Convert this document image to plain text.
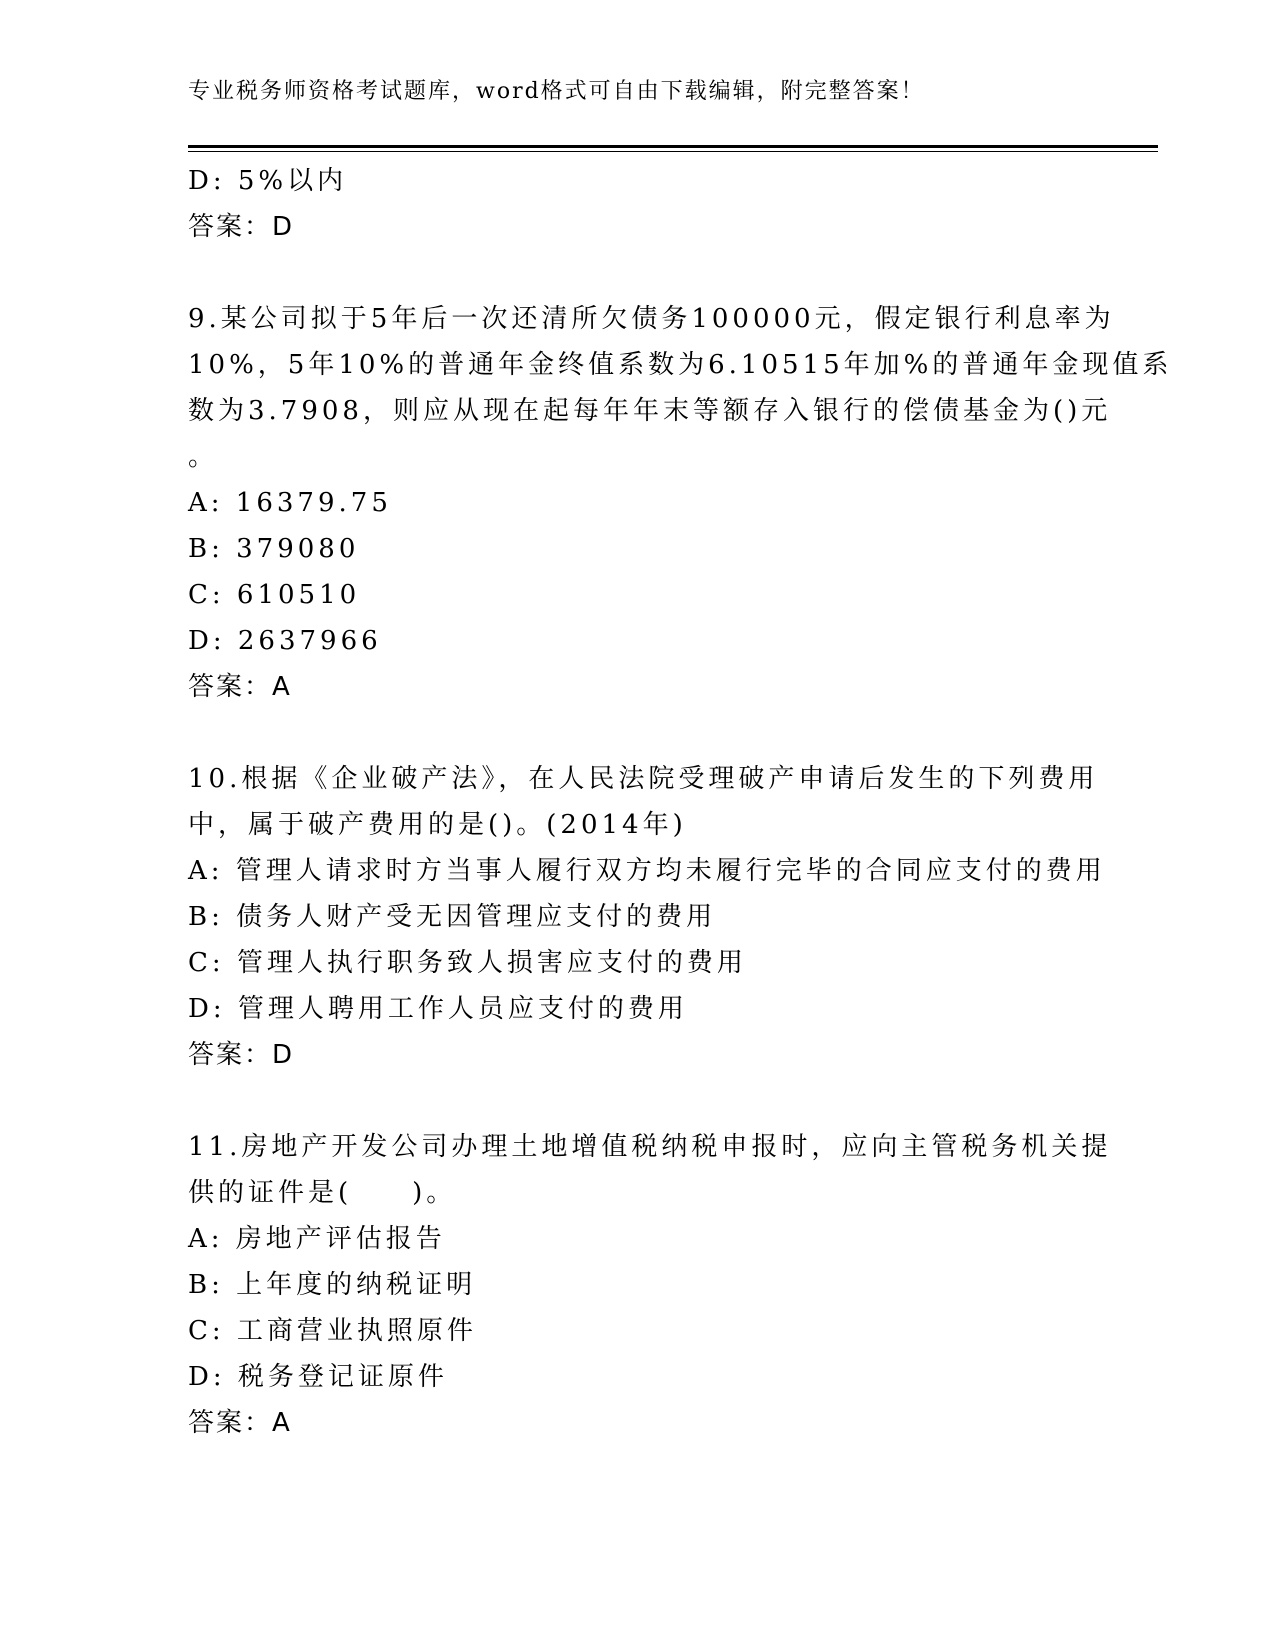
专业税务师资格考试题库，word格式可自由下载编辑，附完整答案！
D: 5%以内
答案：D
9.某公司拟于5年后一次还清所欠债务100000元，假定银行利息率为
10%，5年10%的普通年金终值系数为6.10515年加%的普通年金现值系
数为3.7908，则应从现在起每年年末等额存入银行的偿债基金为()元
。
A: 16379.75
B: 379080
C: 610510
D: 2637966
答案：A
10.根据《企业破产法》，在人民法院受理破产申请后发生的下列费用
中，属于破产费用的是()。(2014年)
A: 管理人请求时方当事人履行双方均未履行完毕的合同应支付的费用
B: 债务人财产受无因管理应支付的费用
C: 管理人执行职务致人损害应支付的费用
D: 管理人聘用工作人员应支付的费用
答案：D
11.房地产开发公司办理土地增值税纳税申报时，应向主管税务机关提
供的证件是(　　)。
A: 房地产评估报告
B: 上年度的纳税证明
C: 工商营业执照原件
D: 税务登记证原件
答案：A
